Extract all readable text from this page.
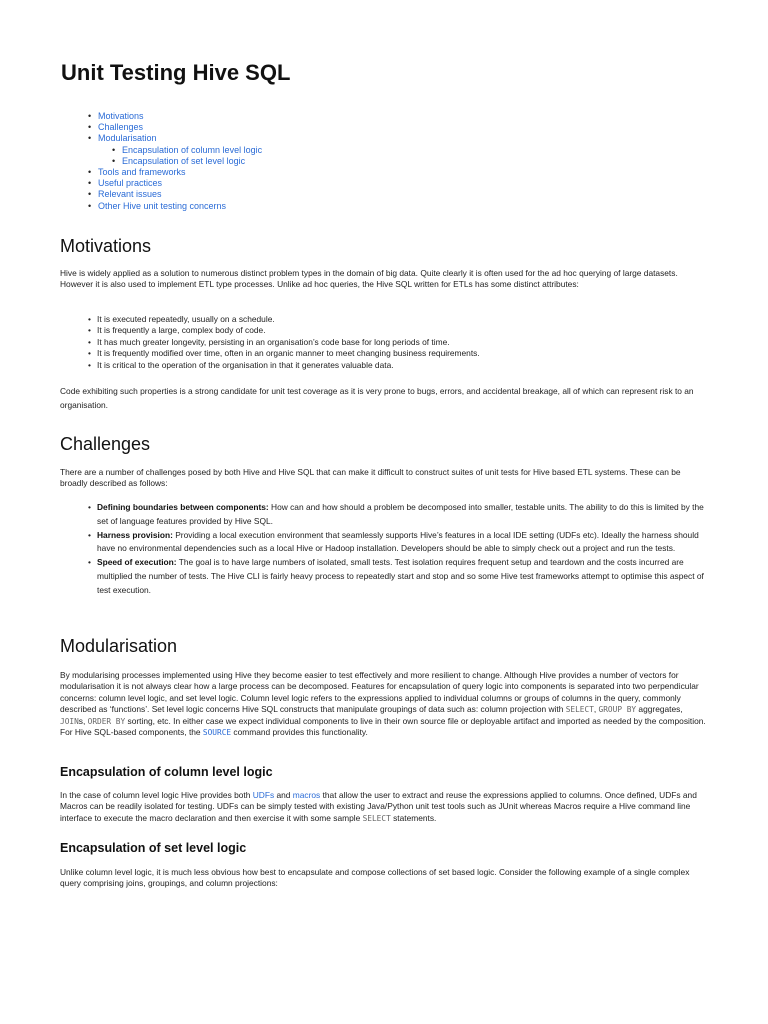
Unit Testing Hive SQL
• Motivations
• Challenges
• Modularisation
• Encapsulation of column level logic
• Encapsulation of set level logic
• Tools and frameworks
• Useful practices
• Relevant issues
• Other Hive unit testing concerns
Motivations

Hive is widely applied as a solution to numerous distinct problem types in the domain of big data. Quite clearly it is often used for the ad hoc querying of large datasets. However it is also used to implement ETL type processes. Unlike ad hoc queries, the Hive SQL written for ETLs has some distinct attributes:

• It is executed repeatedly, usually on a schedule.
• It is frequently a large, complex body of code.
• It has much greater longevity, persisting in an organisation’s code base for long periods of time.
• It is frequently modified over time, often in an organic manner to meet changing business requirements.
• It is critical to the operation of the organisation in that it generates valuable data.

Code exhibiting such properties is a strong candidate for unit test coverage as it is very prone to bugs, errors, and accidental breakage, all of which can represent risk to an organisation.

Challenges

There are a number of challenges posed by both Hive and Hive SQL that can make it difficult to construct suites of unit tests for Hive based ETL systems. These can be broadly described as follows:

• Defining boundaries between components: How can and how should a problem be decomposed into smaller, testable units. The ability to do this is limited by the set of language features provided by Hive SQL.
• Harness provision: Providing a local execution environment that seamlessly supports Hive’s features in a local IDE setting (UDFs etc). Ideally the harness should have no environmental dependencies such as a local Hive or Hadoop installation. Developers should be able to simply check out a project and run the tests.
• Speed of execution: The goal is to have large numbers of isolated, small tests. Test isolation requires frequent setup and teardown and the costs incurred are multiplied the number of tests. The Hive CLI is fairly heavy process to repeatedly start and stop and so some Hive test frameworks attempt to optimise this aspect of test execution.
Modularisation

By modularising processes implemented using Hive they become easier to test effectively and more resilient to change. Although Hive provides a number of vectors for modularisation it is not always clear how a large process can be decomposed. Features for encapsulation of query logic into components is separated into two perpendicular concerns: column level logic, and set level logic. Column level logic refers to the expressions applied to individual columns or groups of columns in the query, commonly described as ‘functions’. Set level logic concerns Hive SQL constructs that manipulate groupings of data such as: column projection with SELECT, GROUP BY aggregates, JOINs, ORDER BY sorting, etc. In either case we expect individual components to live in their own source file or deployable artifact and imported as needed by the composition. For Hive SQL-based components, the SOURCE command provides this functionality.

Encapsulation of column level logic

In the case of column level logic Hive provides both UDFs and macros that allow the user to extract and reuse the expressions applied to columns. Once defined, UDFs and Macros can be readily isolated for testing. UDFs can be simply tested with existing Java/Python unit test tools such as JUnit whereas Macros require a Hive command line interface to execute the macro declaration and then exercise it with some sample SELECT statements.

Encapsulation of set level logic

Unlike column level logic, it is much less obvious how best to encapsulate and compose collections of set based logic. Consider the following example of a single complex query comprising joins, groupings, and column projections:
